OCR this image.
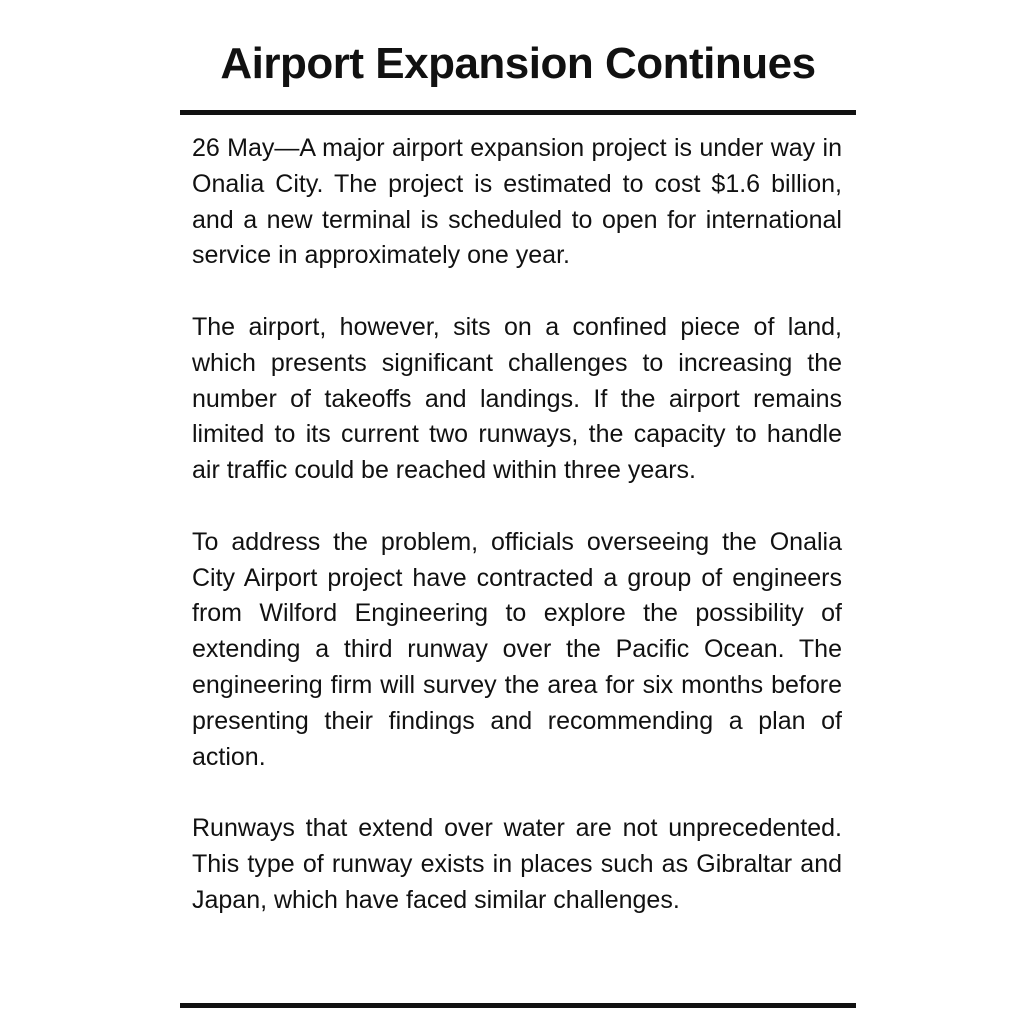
Airport Expansion Continues

26 May—A major airport expansion project is under way in Onalia City. The project is estimated to cost $1.6 billion, and a new terminal is scheduled to open for international service in approximately one year.

The airport, however, sits on a confined piece of land, which presents significant challenges to increasing the number of takeoffs and landings. If the airport remains limited to its current two runways, the capacity to handle air traffic could be reached within three years.

To address the problem, officials overseeing the Onalia City Airport project have contracted a group of engineers from Wilford Engineering to explore the possibility of extending a third runway over the Pacific Ocean. The engineering firm will survey the area for six months before presenting their findings and recommending a plan of action.

Runways that extend over water are not unprecedented. This type of runway exists in places such as Gibraltar and Japan, which have faced similar challenges.
